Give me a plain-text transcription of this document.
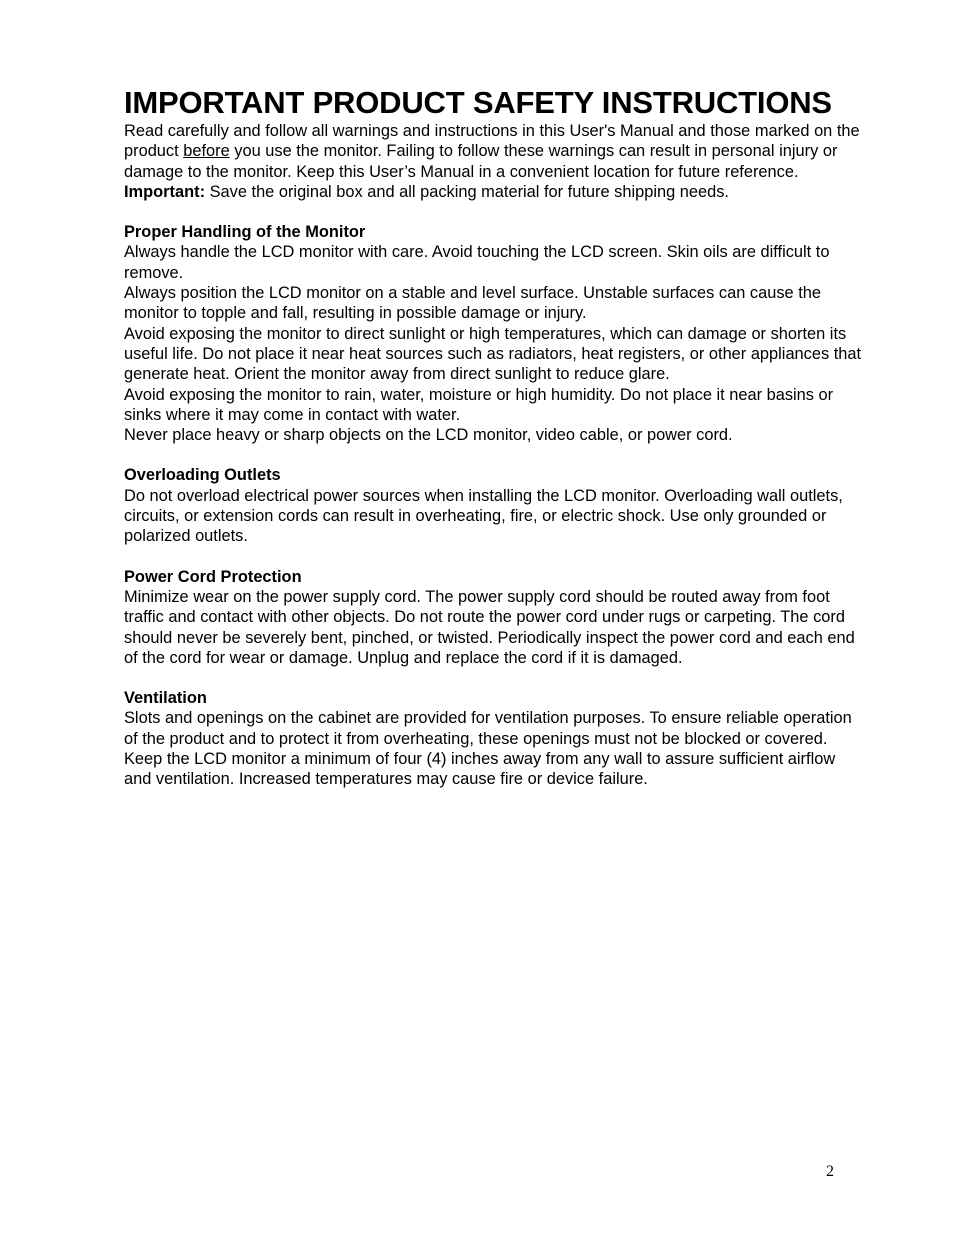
IMPORTANT PRODUCT SAFETY INSTRUCTIONS

Read carefully and follow all warnings and instructions in this User's Manual and those marked on the product before you use the monitor. Failing to follow these warnings can result in personal injury or damage to the monitor. Keep this User’s Manual in a convenient location for future reference. Important: Save the original box and all packing material for future shipping needs.

Proper Handling of the Monitor

Always handle the LCD monitor with care. Avoid touching the LCD screen. Skin oils are difficult to remove.

Always position the LCD monitor on a stable and level surface. Unstable surfaces can cause the monitor to topple and fall, resulting in possible damage or injury.

Avoid exposing the monitor to direct sunlight or high temperatures, which can damage or shorten its useful life. Do not place it near heat sources such as radiators, heat registers, or other appliances that generate heat. Orient the monitor away from direct sunlight to reduce glare.

Avoid exposing the monitor to rain, water, moisture or high humidity. Do not place it near basins or sinks where it may come in contact with water.

Never place heavy or sharp objects on the LCD monitor, video cable, or power cord.

Overloading Outlets

Do not overload electrical power sources when installing the LCD monitor. Overloading wall outlets, circuits, or extension cords can result in overheating, fire, or electric shock. Use only grounded or polarized outlets.

Power Cord Protection

Minimize wear on the power supply cord. The power supply cord should be routed away from foot traffic and contact with other objects. Do not route the power cord under rugs or carpeting. The cord should never be severely bent, pinched, or twisted. Periodically inspect the power cord and each end of the cord for wear or damage. Unplug and replace the cord if it is damaged.

Ventilation

Slots and openings on the cabinet are provided for ventilation purposes. To ensure reliable operation of the product and to protect it from overheating, these openings must not be blocked or covered. Keep the LCD monitor a minimum of four (4) inches away from any wall to assure sufficient airflow and ventilation. Increased temperatures may cause fire or device failure.

2
